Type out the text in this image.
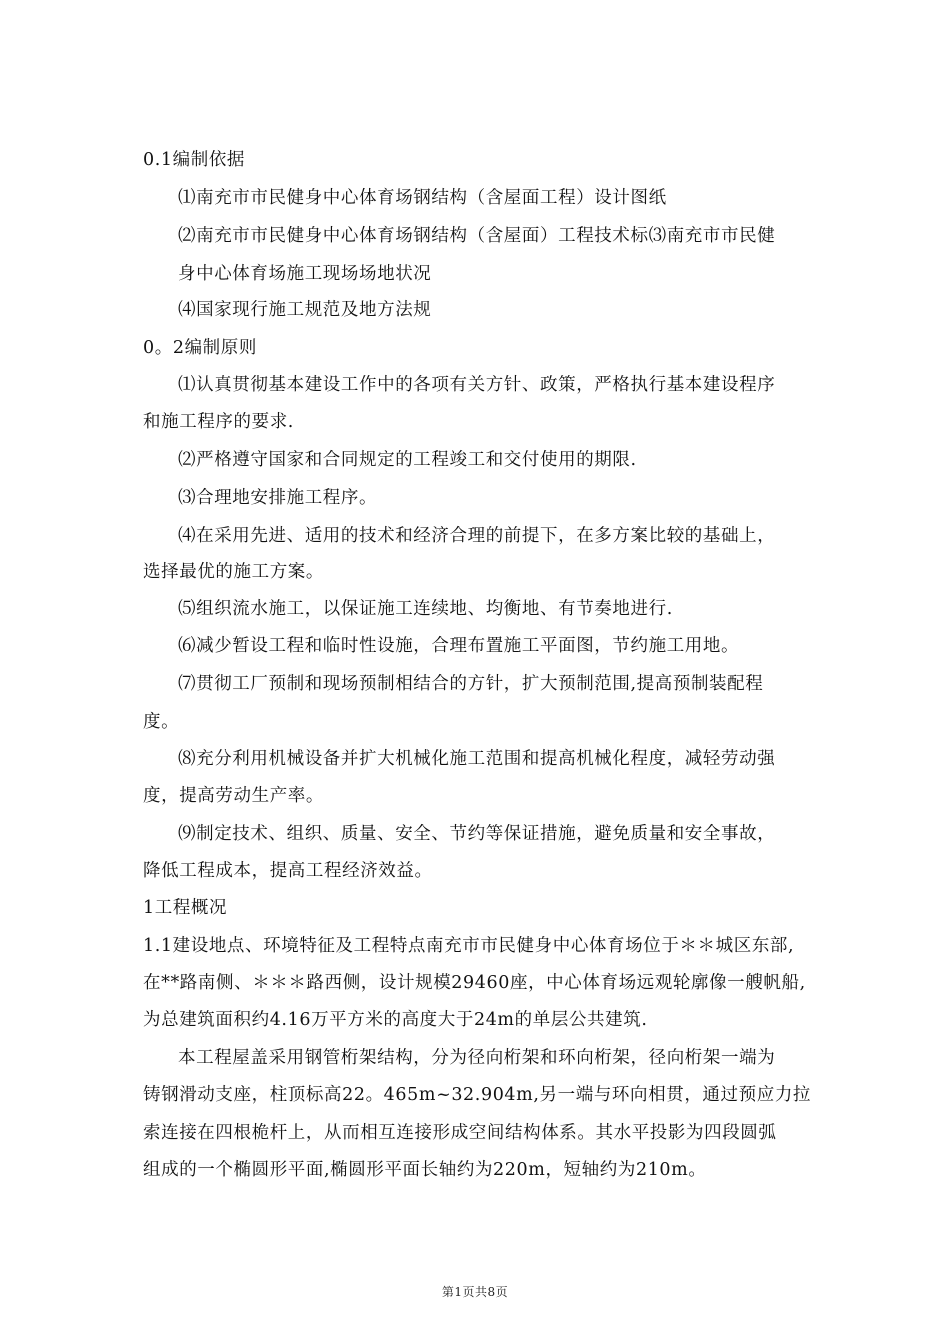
0.1编制依据
⑴南充市市民健身中心体育场钢结构（含屋面工程）设计图纸
⑵南充市市民健身中心体育场钢结构（含屋面）工程技术标⑶南充市市民健
身中心体育场施工现场场地状况
⑷国家现行施工规范及地方法规
0。2编制原则
⑴认真贯彻基本建设工作中的各项有关方针、政策，严格执行基本建设程序
和施工程序的要求.
⑵严格遵守国家和合同规定的工程竣工和交付使用的期限.
⑶合理地安排施工程序。
⑷在采用先进、适用的技术和经济合理的前提下，在多方案比较的基础上，
选择最优的施工方案。
⑸组织流水施工，以保证施工连续地、均衡地、有节奏地进行.
⑹减少暂设工程和临时性设施，合理布置施工平面图，节约施工用地。
⑺贯彻工厂预制和现场预制相结合的方针，扩大预制范围,提高预制装配程
度。
⑻充分利用机械设备并扩大机械化施工范围和提高机械化程度，减轻劳动强
度，提高劳动生产率。
⑼制定技术、组织、质量、安全、节约等保证措施，避免质量和安全事故，
降低工程成本，提高工程经济效益。
1工程概况
1.1建设地点、环境特征及工程特点南充市市民健身中心体育场位于＊＊城区东部,
在**路南侧、＊＊＊路西侧，设计规模29460座，中心体育场远观轮廓像一艘帆船,
为总建筑面积约4.16万平方米的高度大于24m的单层公共建筑.
本工程屋盖采用钢管桁架结构，分为径向桁架和环向桁架，径向桁架一端为
铸钢滑动支座，柱顶标高22。465m~32.904m,另一端与环向相贯，通过预应力拉
索连接在四根桅杆上，从而相互连接形成空间结构体系。其水平投影为四段圆弧
组成的一个椭圆形平面,椭圆形平面长轴约为220m，短轴约为210m。
第1页共8页
